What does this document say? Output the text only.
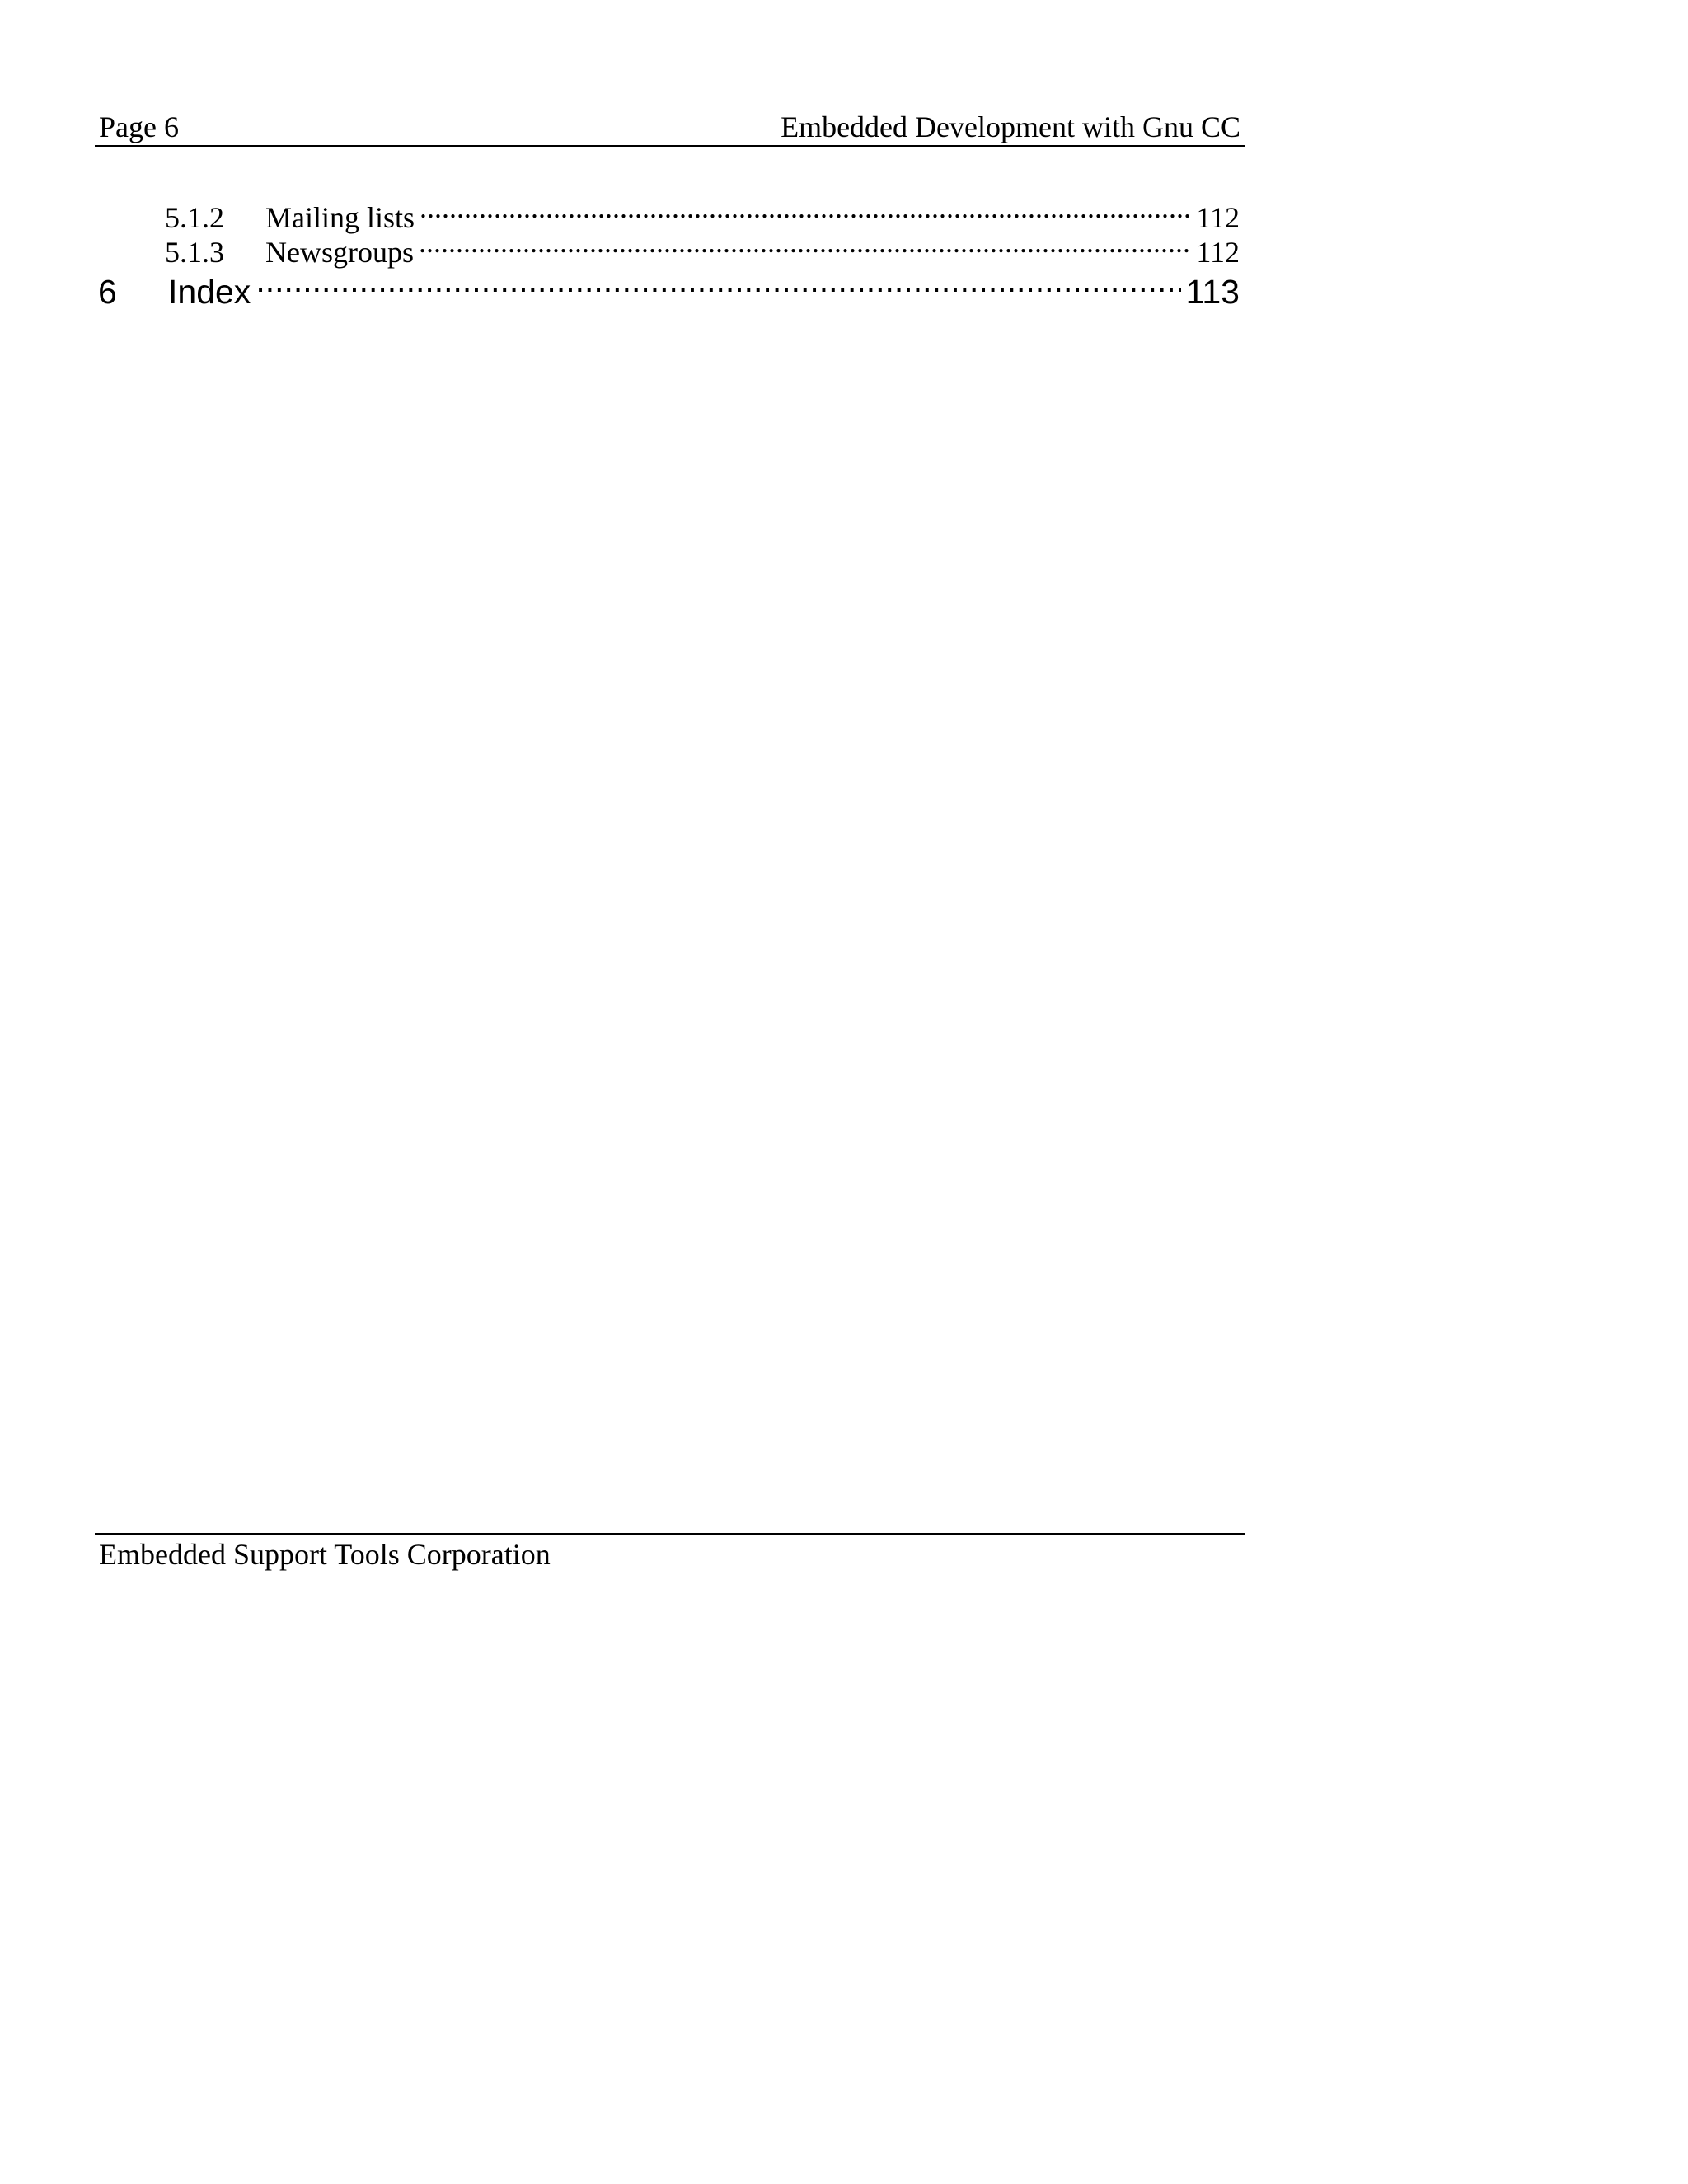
Page 6	Embedded Development with Gnu CC
5.1.2	Mailing lists .....	112
5.1.3	Newsgroups .....	112
6	Index .....	113
Embedded Support Tools Corporation
